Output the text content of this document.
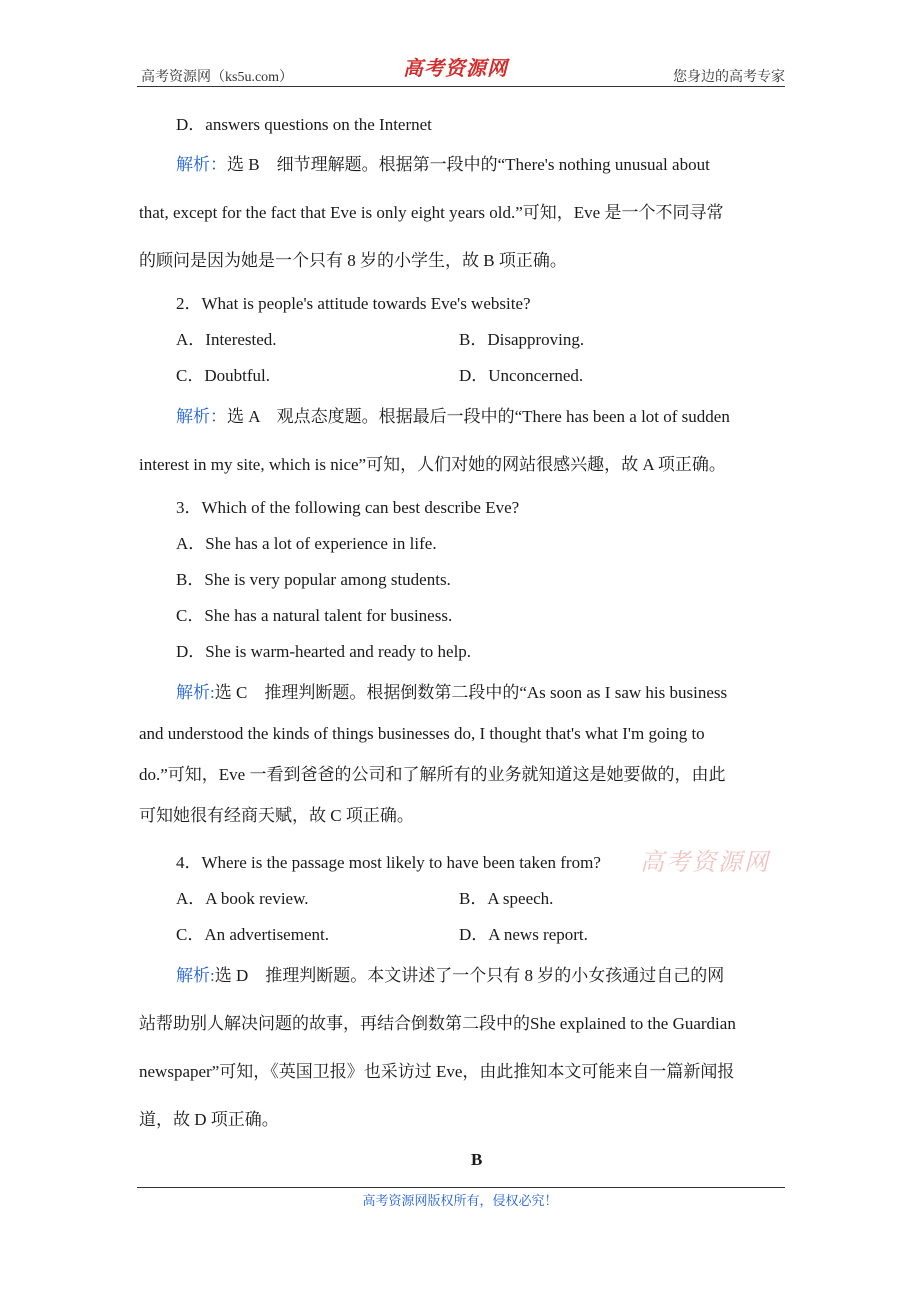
高考资源网（ks5u.com）	高考资源网	您身边的高考专家
D．answers questions on the Internet
解析：选 B　细节理解题。根据第一段中的“There's nothing unusual about
that, except for the fact that Eve is only eight years old.”可知，Eve 是一个不同寻常
的顾问是因为她是一个只有 8 岁的小学生，故 B 项正确。
2．What is people's attitude towards Eve's website?
A．Interested.	B．Disapproving.
C．Doubtful.	D．Unconcerned.
解析：选 A　观点态度题。根据最后一段中的“There has been a lot of sudden
interest in my site, which is nice”可知，人们对她的网站很感兴趣，故 A 项正确。
3．Which of the following can best describe Eve?
A．She has a lot of experience in life.
B．She is very popular among students.
C．She has a natural talent for business.
D．She is warm-hearted and ready to help.
解析:选 C　推理判断题。根据倒数第二段中的“As soon as I saw his business
and understood the kinds of things businesses do, I thought that's what I'm going to
do.”可知，Eve 一看到爸爸的公司和了解所有的业务就知道这是她要做的，由此
可知她很有经商天赋，故 C 项正确。
4．Where is the passage most likely to have been taken from? 高考资源网
A．A book review.	B．A speech.
C．An advertisement.	D．A news report.
解析:选 D　推理判断题。本文讲述了一个只有 8 岁的小女孩通过自己的网
站帮助别人解决问题的故事，再结合倒数第二段中的She explained to the Guardian
newspaper”可知，《英国卫报》也采访过 Eve，由此推知本文可能来自一篇新闻报
道，故 D 项正确。
B
高考资源网版权所有，侵权必究！
